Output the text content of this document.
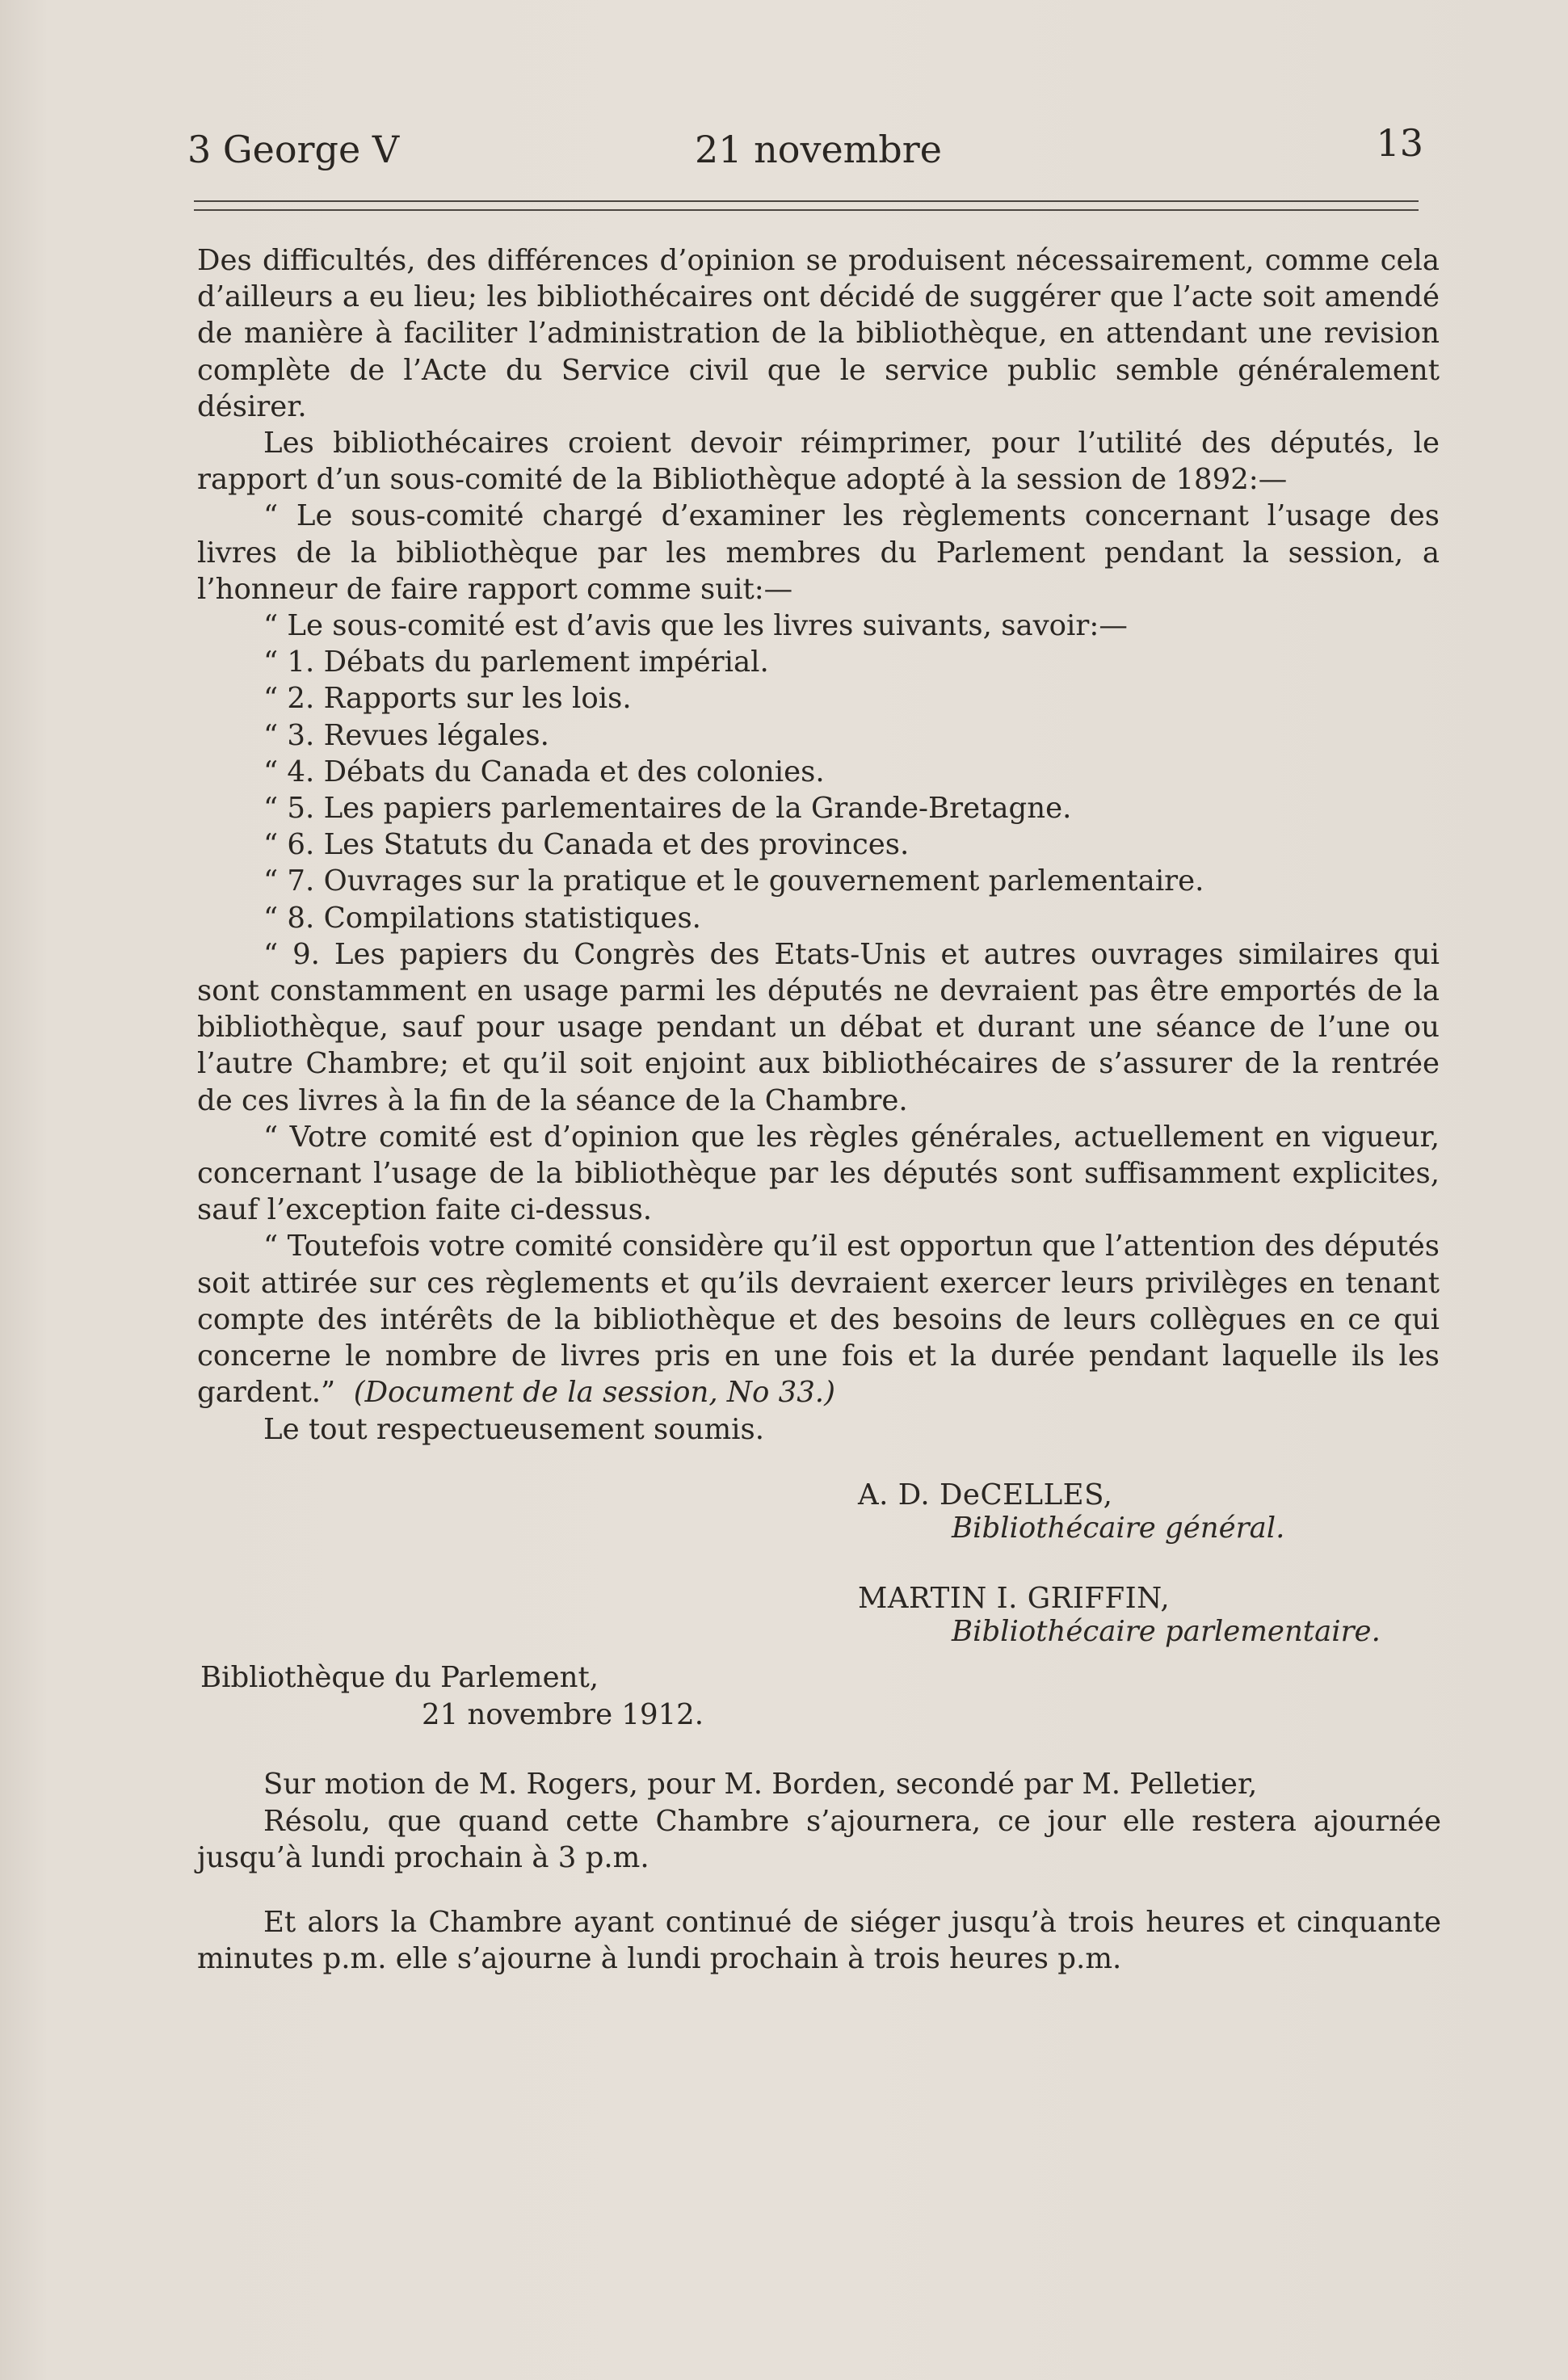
3 George V	21 novembre	13

Des difficultés, des différences d’opinion se produisent nécessairement, comme cela d’ailleurs a eu lieu; les bibliothécaires ont décidé de suggérer que l’acte soit amendé de manière à faciliter l’administration de la bibliothèque, en attendant une revision complète de l’Acte du Service civil que le service public semble généralement désirer.

Les bibliothécaires croient devoir réimprimer, pour l’utilité des députés, le rapport d’un sous-comité de la Bibliothèque adopté à la session de 1892:—

“ Le sous-comité chargé d’examiner les règlements concernant l’usage des livres de la bibliothèque par les membres du Parlement pendant la session, a l’honneur de faire rapport comme suit:—

“ Le sous-comité est d’avis que les livres suivants, savoir:—

“ 1. Débats du parlement impérial.

“ 2. Rapports sur les lois.

“ 3. Revues légales.

“ 4. Débats du Canada et des colonies.

“ 5. Les papiers parlementaires de la Grande-Bretagne.

“ 6. Les Statuts du Canada et des provinces.

“ 7. Ouvrages sur la pratique et le gouvernement parlementaire.

“ 8. Compilations statistiques.

“ 9. Les papiers du Congrès des Etats-Unis et autres ouvrages similaires qui sont constamment en usage parmi les députés ne devraient pas être emportés de la bibliothèque, sauf pour usage pendant un débat et durant une séance de l’une ou l’autre Chambre; et qu’il soit enjoint aux bibliothécaires de s’assurer de la rentrée de ces livres à la fin de la séance de la Chambre.

“ Votre comité est d’opinion que les règles générales, actuellement en vigueur, concernant l’usage de la bibliothèque par les députés sont suffisamment explicites, sauf l’exception faite ci-dessus.

“ Toutefois votre comité considère qu’il est opportun que l’attention des députés soit attirée sur ces règlements et qu’ils devraient exercer leurs privilèges en tenant compte des intérêts de la bibliothèque et des besoins de leurs collègues en ce qui concerne le nombre de livres pris en une fois et la durée pendant laquelle ils les gardent.” (Document de la session, No 33.)

Le tout respectueusement soumis.

A. D. DeCELLES,
Bibliothécaire général.
MARTIN I. GRIFFIN,
Bibliothécaire parlementaire.
Bibliothèque du Parlement,
21 novembre 1912.

Sur motion de M. Rogers, pour M. Borden, secondé par M. Pelletier,

Résolu, que quand cette Chambre s’ajournera, ce jour elle restera ajournée jusqu’à lundi prochain à 3 p.m.

Et alors la Chambre ayant continué de siéger jusqu’à trois heures et cinquante minutes p.m. elle s’ajourne à lundi prochain à trois heures p.m.
